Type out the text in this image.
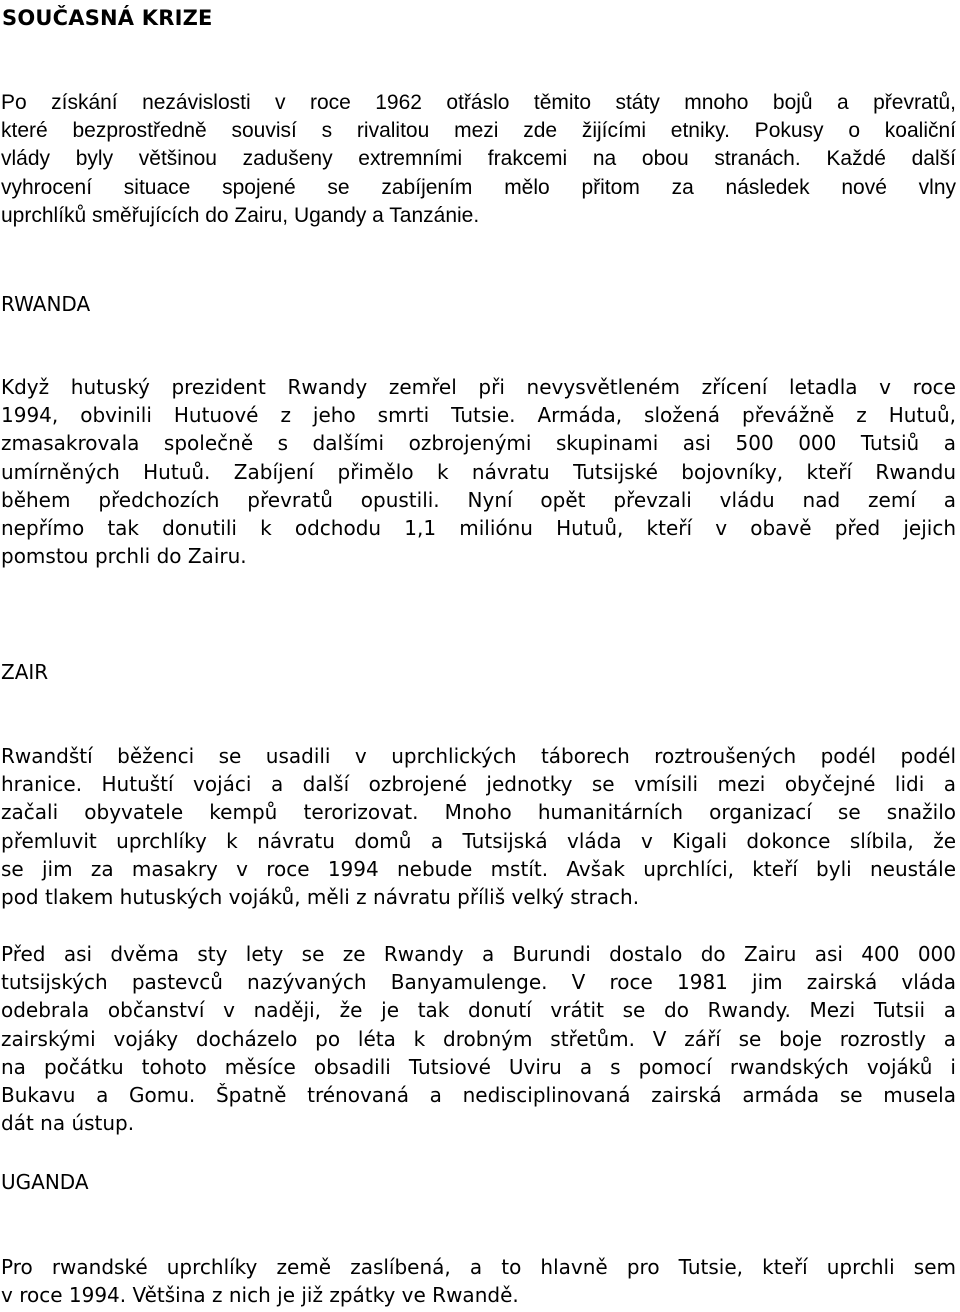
SOUČASNÁ KRIZE
Po získání nezávislosti v roce 1962 otřáslo těmito státy mnoho bojů a převratů,
které bezprostředně souvisí s rivalitou mezi zde žijícími etniky. Pokusy o koaliční
vlády byly většinou zadušeny extremními frakcemi na obou stranách. Každé další
vyhrocení situace spojené se zabíjením mělo přitom za následek nové vlny
uprchlíků směřujících do Zairu, Ugandy a Tanzánie.
RWANDA
Když hutuský prezident Rwandy zemřel při nevysvětleném zřícení letadla v roce
1994, obvinili Hutuové z jeho smrti Tutsie. Armáda, složená převážně z Hutuů,
zmasakrovala společně s dalšími ozbrojenými skupinami asi 500 000 Tutsiů a
umírněných Hutuů. Zabíjení přimělo k návratu Tutsijské bojovníky, kteří Rwandu
během předchozích převratů opustili. Nyní opět převzali vládu nad zemí a
nepřímo tak donutili k odchodu 1,1 miliónu Hutuů, kteří v obavě před jejich
pomstou prchli do Zairu.
ZAIR
Rwandští běženci se usadili v uprchlických táborech roztroušených podél podél
hranice. Hutuští vojáci a další ozbrojené jednotky se vmísili mezi obyčejné lidi a
začali obyvatele kempů terorizovat. Mnoho humanitárních organizací se snažilo
přemluvit uprchlíky k návratu domů a Tutsijská vláda v Kigali dokonce slíbila, že
se jim za masakry v roce 1994 nebude mstít. Avšak uprchlíci, kteří byli neustále
pod tlakem hutuských vojáků, měli z návratu příliš velký strach.
Před asi dvěma sty lety se ze Rwandy a Burundi dostalo do Zairu asi 400 000
tutsijských pastevců nazývaných Banyamulenge. V roce 1981 jim zairská vláda
odebrala občanství v naději, že je tak donutí vrátit se do Rwandy. Mezi Tutsii a
zairskými vojáky docházelo po léta k drobným střetům. V září se boje rozrostly a
na počátku tohoto měsíce obsadili Tutsiové Uviru a s pomocí rwandských vojáků i
Bukavu a Gomu. Špatně trénovaná a nedisciplinovaná zairská armáda se musela
dát na ústup.
UGANDA
Pro rwandské uprchlíky země zaslíbená, a to hlavně pro Tutsie, kteří uprchli sem
v roce 1994. Většina z nich je již zpátky ve Rwandě.
